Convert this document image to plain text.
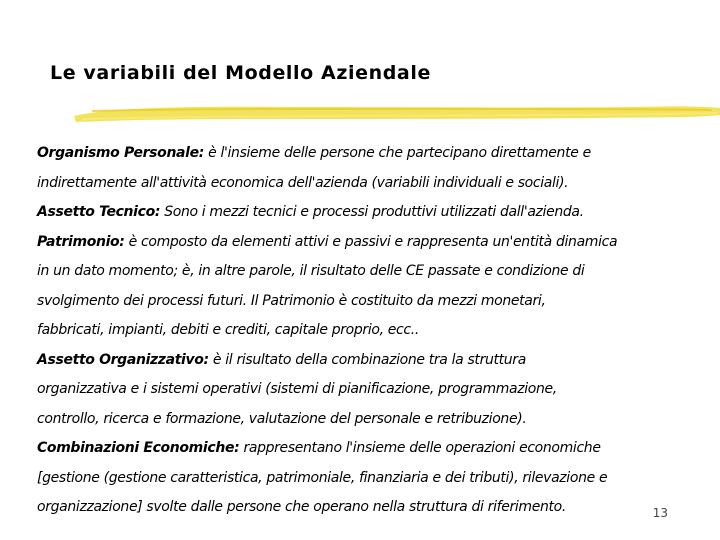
Le variabili del Modello Aziendale

Organismo Personale: è l'insieme delle persone che partecipano direttamente e
indirettamente all'attività economica dell'azienda (variabili individuali e sociali).

Assetto Tecnico: Sono i mezzi tecnici e processi produttivi utilizzati dall'azienda.

Patrimonio: è composto da elementi attivi e passivi e rappresenta un'entità dinamica
in un dato momento; è, in altre parole, il risultato delle CE passate e condizione di
svolgimento dei processi futuri. Il Patrimonio è costituito da mezzi monetari,
fabbricati, impianti, debiti e crediti, capitale proprio, ecc..

Assetto Organizzativo: è il risultato della combinazione tra la struttura
organizzativa e i sistemi operativi (sistemi di pianificazione, programmazione,
controllo, ricerca e formazione, valutazione del personale e retribuzione).

Combinazioni Economiche: rappresentano l'insieme delle operazioni economiche
[gestione (gestione caratteristica, patrimoniale, finanziaria e dei tributi), rilevazione e
organizzazione] svolte dalle persone che operano nella struttura di riferimento.	13
